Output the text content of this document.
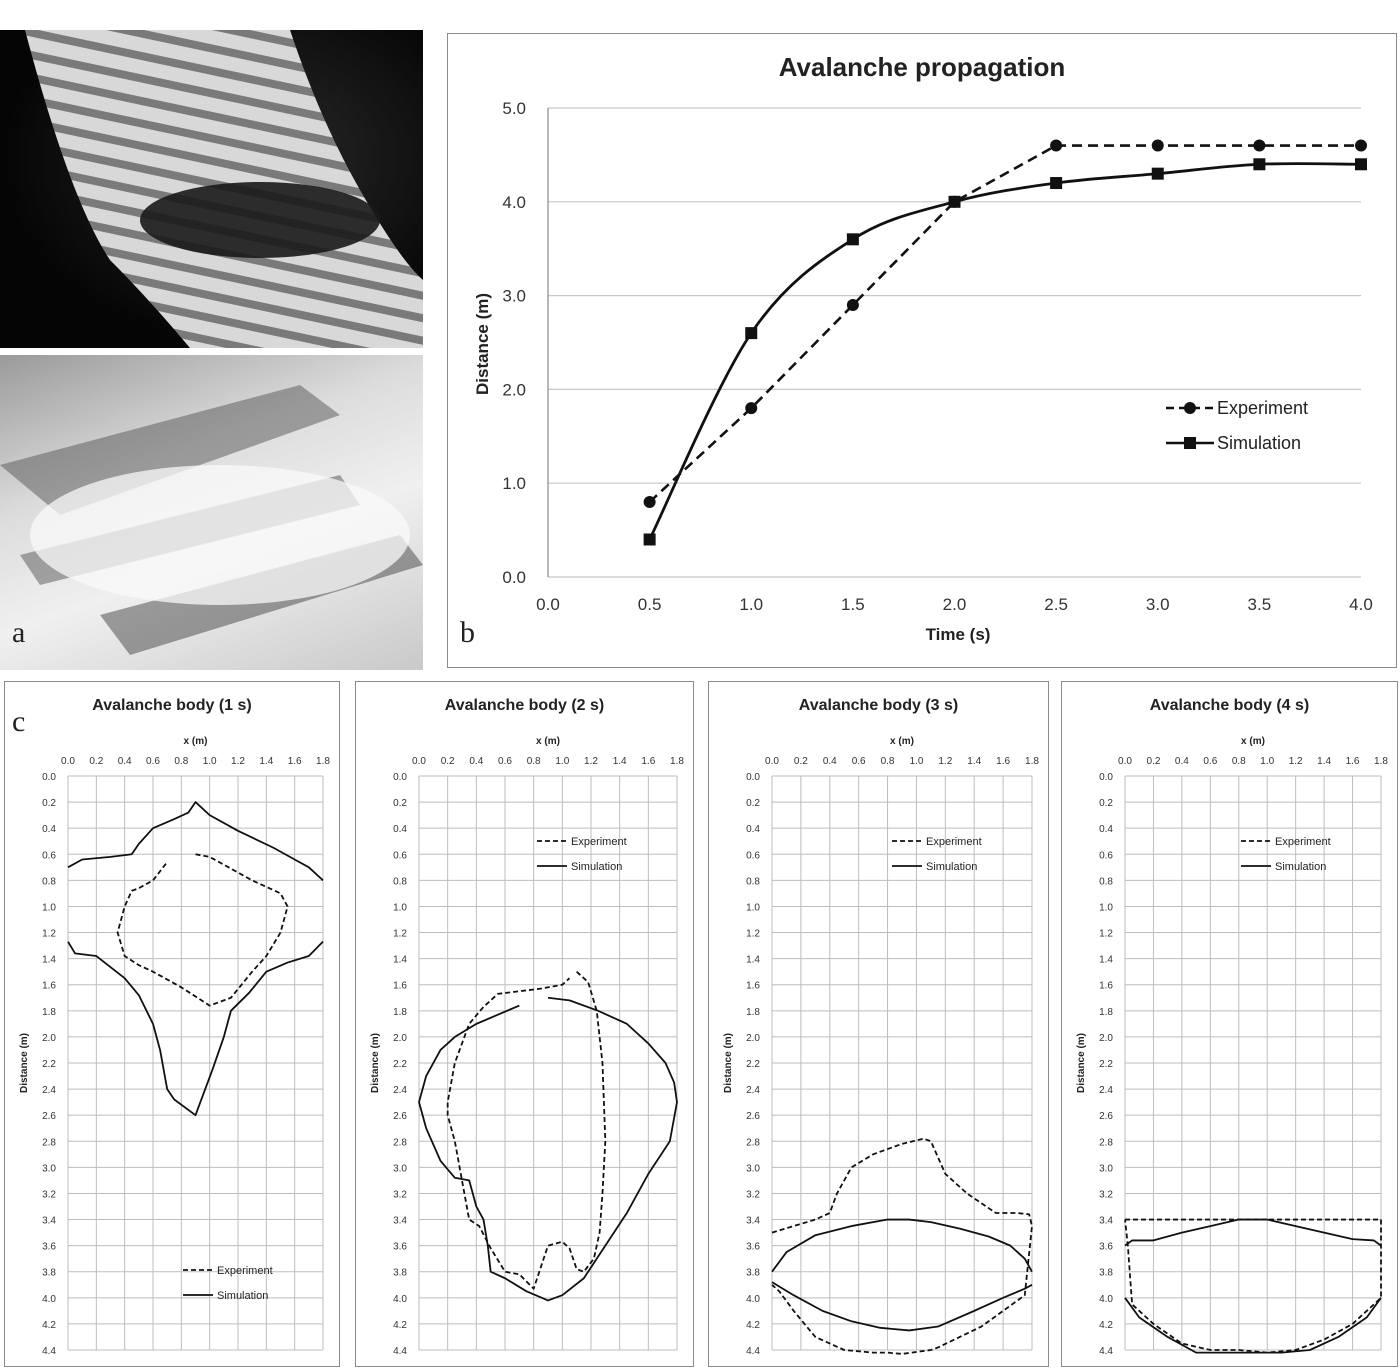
a
Avalanche propagation
0.0
1.0
2.0
3.0
4.0
5.0
0.0	0.5	1.0	1.5	2.0	2.5	3.0	3.5	4.0
Time (s)
Distance (m)
Experiment
Simulation
b
Avalanche body (1 s)
x (m)
Distance (m)
0.0 0.2 0.4 0.6 0.8 1.0 1.2 1.4 1.6 1.8
0.0
0.2
0.4
0.6
0.8
1.0
1.2
1.4
1.6
1.8
2.0
2.2
2.4
2.6
2.8
3.0
3.2
3.4
3.6
3.8
4.0
4.2
4.4
Experiment
Simulation
Avalanche body (2 s)
x (m)
Distance (m)
0.0 0.2 0.4 0.6 0.8 1.0 1.2 1.4 1.6 1.8
0.0
0.2
0.4
0.6
0.8
1.0
1.2
1.4
1.6
1.8
2.0
2.2
2.4
2.6
2.8
3.0
3.2
3.4
3.6
3.8
4.0
4.2
4.4
Experiment
Simulation
Avalanche body (3 s)
x (m)
Distance (m)
0.0 0.2 0.4 0.6 0.8 1.0 1.2 1.4 1.6 1.8
0.0
0.2
0.4
0.6
0.8
1.0
1.2
1.4
1.6
1.8
2.0
2.2
2.4
2.6
2.8
3.0
3.2
3.4
3.6
3.8
4.0
4.2
4.4
Experiment
Simulation
Avalanche body (4 s)
x (m)
Distance (m)
0.0 0.2 0.4 0.6 0.8 1.0 1.2 1.4 1.6 1.8
0.0
0.2
0.4
0.6
0.8
1.0
1.2
1.4
1.6
1.8
2.0
2.2
2.4
2.6
2.8
3.0
3.2
3.4
3.6
3.8
4.0
4.2
4.4
Experiment
Simulation
c
